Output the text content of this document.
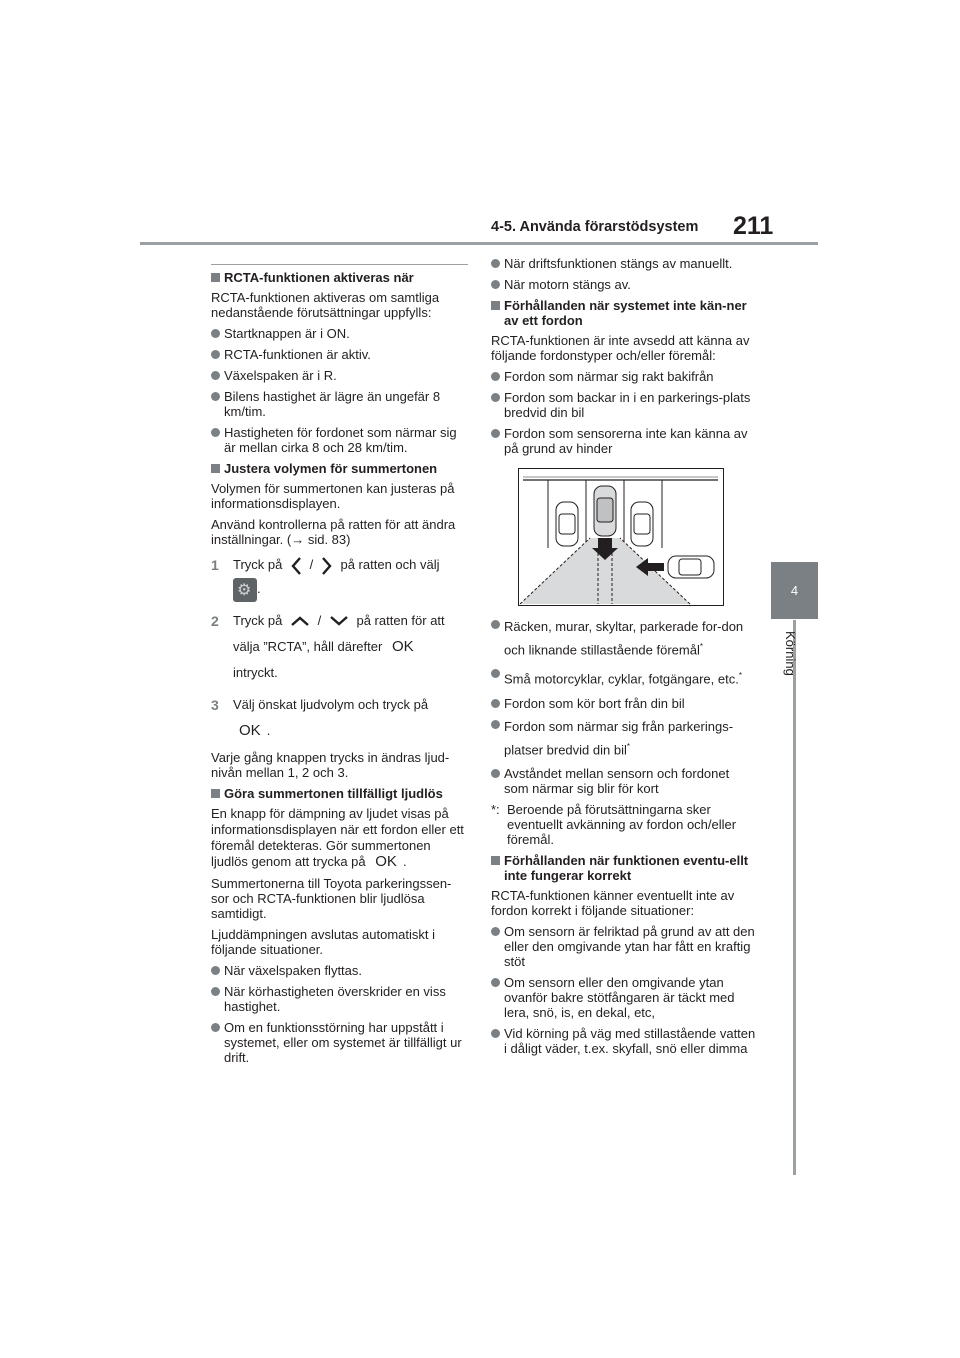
4-5. Använda förarstödsystem 211
4
Körning
RCTA-funktionen aktiveras när
RCTA-funktionen aktiveras om samtliga nedanstående förutsättningar uppfylls:
Startknappen är i ON.
RCTA-funktionen är aktiv.
Växelspaken är i R.
Bilens hastighet är lägre än ungefär 8 km/tim.
Hastigheten för fordonet som närmar sig är mellan cirka 8 och 28 km/tim.
Justera volymen för summertonen
Volymen för summertonen kan justeras på informationsdisplayen.
Använd kontrollerna på ratten för att ändra inställningar. (→ sid. 83)
1 Tryck på / på ratten och välj
⚙.
2 Tryck på	/	på ratten för att välja ”RCTA”, håll därefter OK intryckt.
3 Välj önskat ljudvolym och tryck på
OK .
Varje gång knappen trycks in ändras ljud-nivån mellan 1, 2 och 3.
Göra summertonen tillfälligt ljudlös
En knapp för dämpning av ljudet visas på informationsdisplayen när ett fordon eller ett föremål detekteras. Gör summertonen ljudlös genom att trycka på OK .
Summertonerna till Toyota parkeringssen-sor och RCTA-funktionen blir ljudlösa samtidigt.
Ljuddämpningen avslutas automatiskt i följande situationer.
När växelspaken flyttas.
När körhastigheten överskrider en viss hastighet.
Om en funktionsstörning har uppstått i systemet, eller om systemet är tillfälligt ur drift.
När driftsfunktionen stängs av manuellt.
När motorn stängs av.
Förhållanden när systemet inte kän-ner av ett fordon
RCTA-funktionen är inte avsedd att känna av följande fordonstyper och/eller föremål:
Fordon som närmar sig rakt bakifrån
Fordon som backar in i en parkerings-plats bredvid din bil
Fordon som sensorerna inte kan känna av på grund av hinder
Räcken, murar, skyltar, parkerade for-don och liknande stillastående föremål*
Små motorcyklar, cyklar, fotgängare, etc.*
Fordon som kör bort från din bil
Fordon som närmar sig från parkerings-platser bredvid din bil*
Avståndet mellan sensorn och fordonet som närmar sig blir för kort
*: Beroende på förutsättningarna sker eventuellt avkänning av fordon och/eller föremål.
Förhållanden när funktionen eventu-ellt inte fungerar korrekt
RCTA-funktionen känner eventuellt inte av fordon korrekt i följande situationer:
Om sensorn är felriktad på grund av att den eller den omgivande ytan har fått en kraftig stöt
Om sensorn eller den omgivande ytan ovanför bakre stötfångaren är täckt med lera, snö, is, en dekal, etc,
Vid körning på väg med stillastående vatten i dåligt väder, t.ex. skyfall, snö eller dimma
